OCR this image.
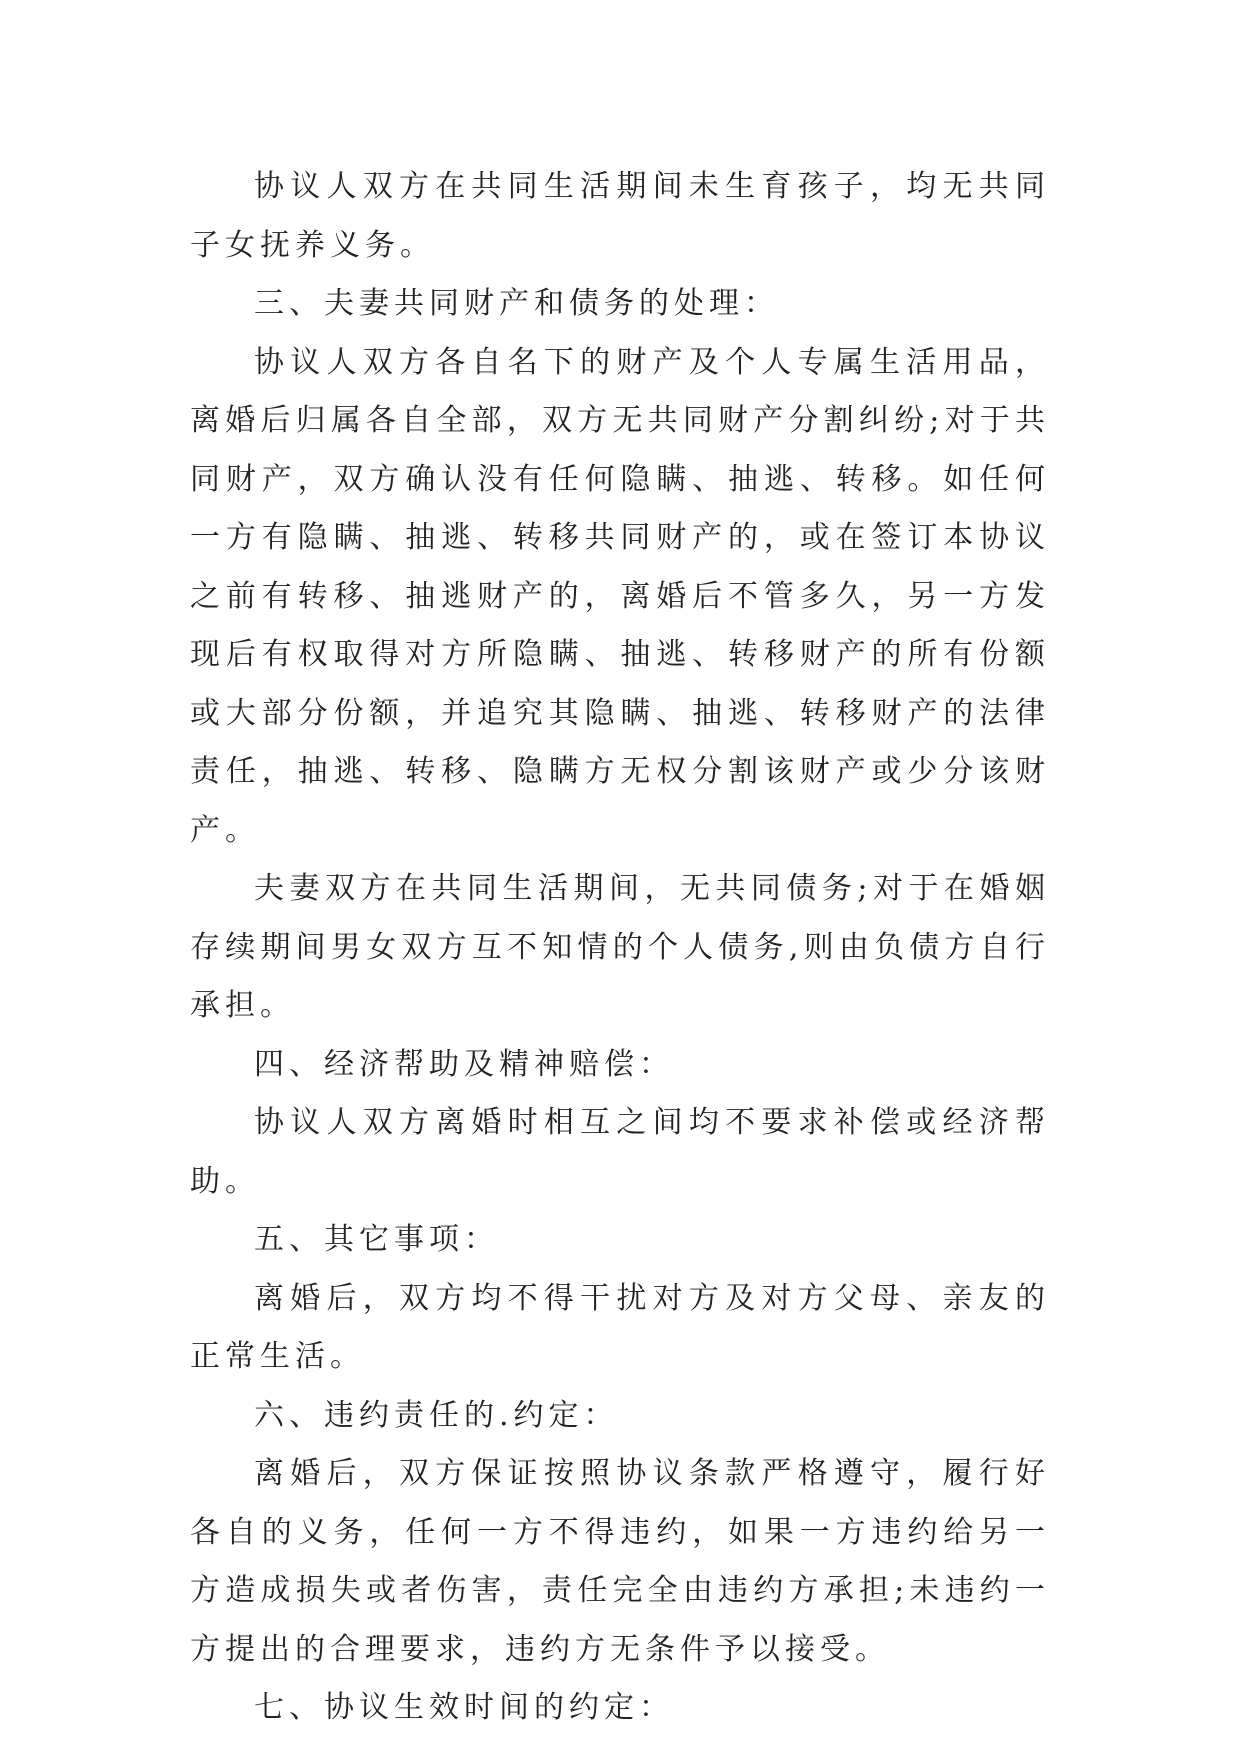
协议人双方在共同生活期间未生育孩子，均无共同子女抚养义务。

三、夫妻共同财产和债务的处理：

协议人双方各自名下的财产及个人专属生活用品，离婚后归属各自全部，双方无共同财产分割纠纷;对于共同财产，双方确认没有任何隐瞒、抽逃、转移。如任何一方有隐瞒、抽逃、转移共同财产的，或在签订本协议之前有转移、抽逃财产的，离婚后不管多久，另一方发现后有权取得对方所隐瞒、抽逃、转移财产的所有份额或大部分份额，并追究其隐瞒、抽逃、转移财产的法律责任，抽逃、转移、隐瞒方无权分割该财产或少分该财产。

夫妻双方在共同生活期间，无共同债务;对于在婚姻存续期间男女双方互不知情的个人债务,则由负债方自行承担。

四、经济帮助及精神赔偿：

协议人双方离婚时相互之间均不要求补偿或经济帮助。

五、其它事项：

离婚后，双方均不得干扰对方及对方父母、亲友的正常生活。

六、违约责任的.约定：

离婚后，双方保证按照协议条款严格遵守，履行好各自的义务，任何一方不得违约，如果一方违约给另一方造成损失或者伤害，责任完全由违约方承担;未违约一方提出的合理要求，违约方无条件予以接受。

七、协议生效时间的约定：
